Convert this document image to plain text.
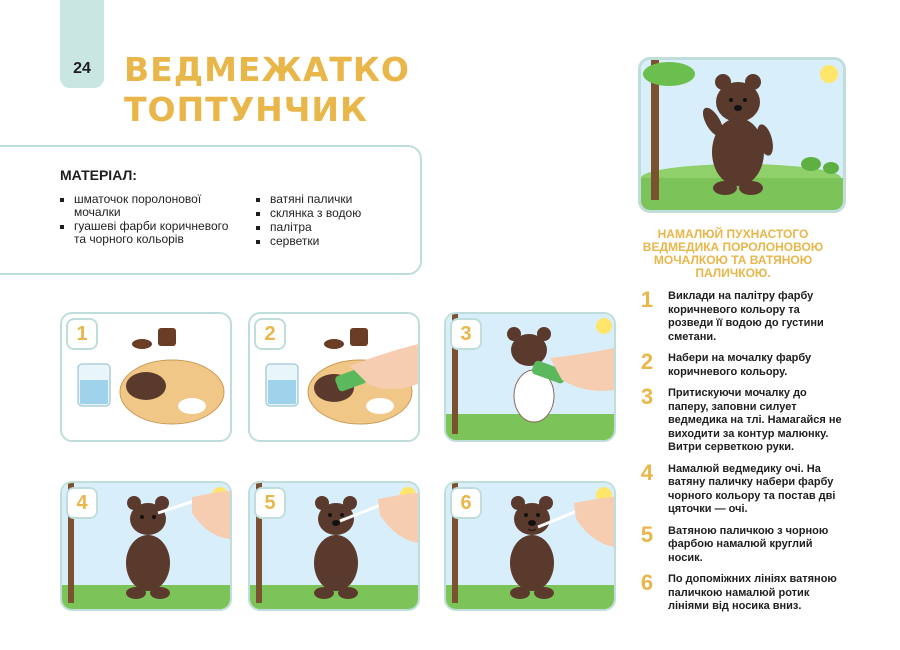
24	ВЕДМЕЖАТКО
ТОПТУНЧИК
МАТЕРІАЛ:
шматочок поролонової мочалки
гуашеві фарби коричневого та чорного кольорів
ватяні палички
склянка з водою
палітра
серветки
1	2	3
4	5	6
НАМАЛЮЙ ПУХНАСТОГО ВЕДМЕДИКА ПОРОЛОНОВОЮ МОЧАЛКОЮ ТА ВАТЯНОЮ ПАЛИЧКОЮ.
1	Виклади на палітру фарбу коричневого кольору та розведи її водою до густини сметани.
2	Набери на мочалку фарбу коричневого кольору.
3	Притискуючи мочалку до паперу, заповни силует ведмедика на тлі. Намагайся не виходити за контур малюнку. Витри серветкою руки.
4	Намалюй ведмедику очі. На ватяну паличку набери фарбу чорного кольору та постав дві цяточки — очі.
5	Ватяною паличкою з чорною фарбою намалюй круглий носик.
6	По допоміжних лініях ватяною паличкою намалюй ротик лініями від носика вниз.
